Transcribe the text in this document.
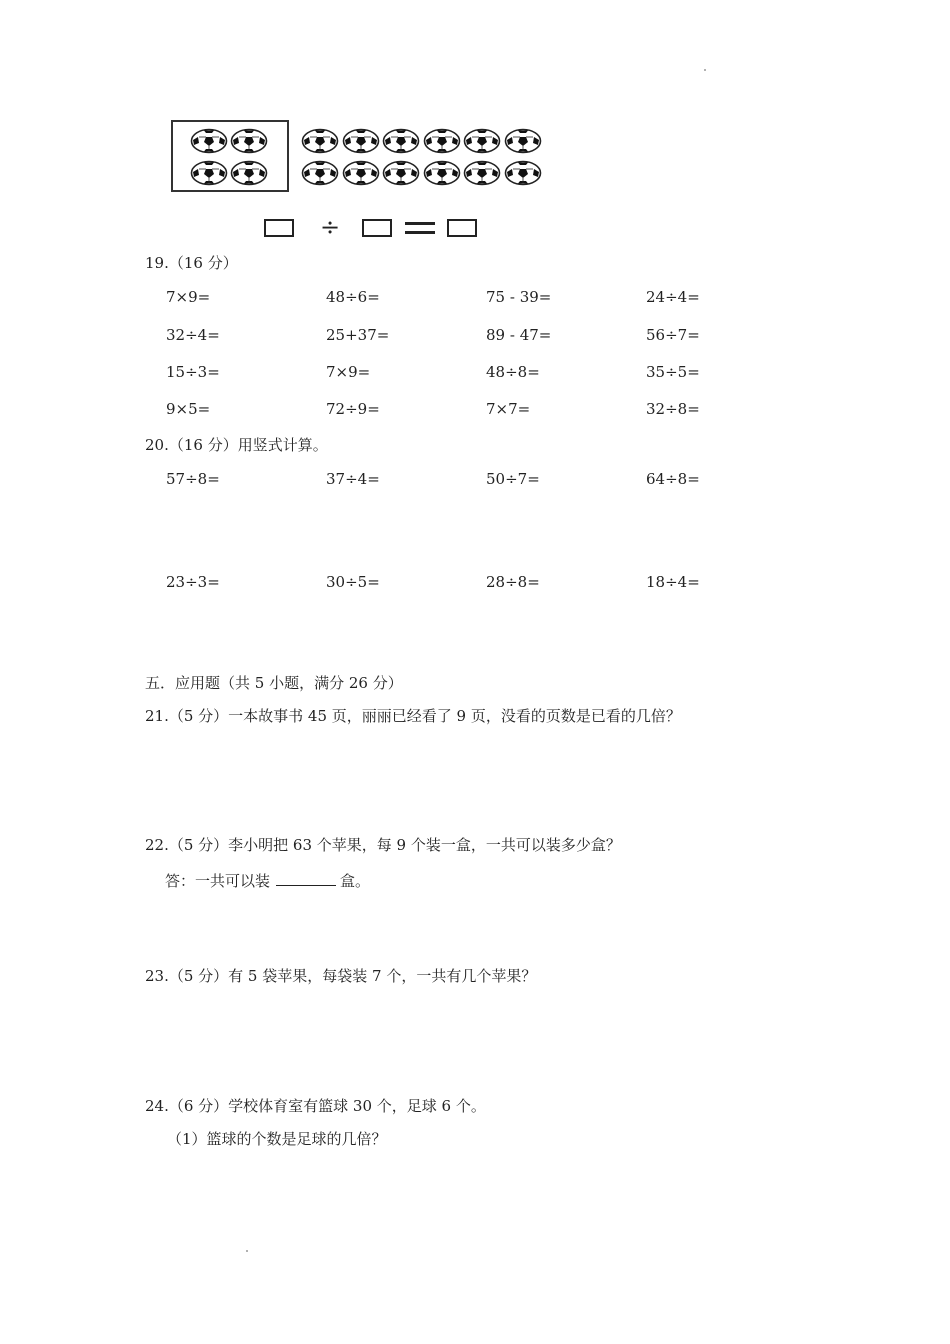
÷
19.（16 分）
7×9=	48÷6=	75 - 39=	24÷4=
32÷4=	25+37=	89 - 47=	56÷7=
15÷3=	7×9=	48÷8=	35÷5=
9×5=	72÷9=	7×7=	32÷8=
20.（16 分）用竖式计算。
57÷8=	37÷4=	50÷7=	64÷8=
23÷3=	30÷5=	28÷8=	18÷4=
五．应用题（共 5 小题，满分 26 分）
21.（5 分）一本故事书 45 页，丽丽已经看了 9 页，没看的页数是已看的几倍？
22.（5 分）李小明把 63 个苹果，每 9 个装一盒，一共可以装多少盒？
答：一共可以装	盒。
23.（5 分）有 5 袋苹果，每袋装 7 个，一共有几个苹果？
24.（6 分）学校体育室有篮球 30 个，足球 6 个。
（1）篮球的个数是足球的几倍？
